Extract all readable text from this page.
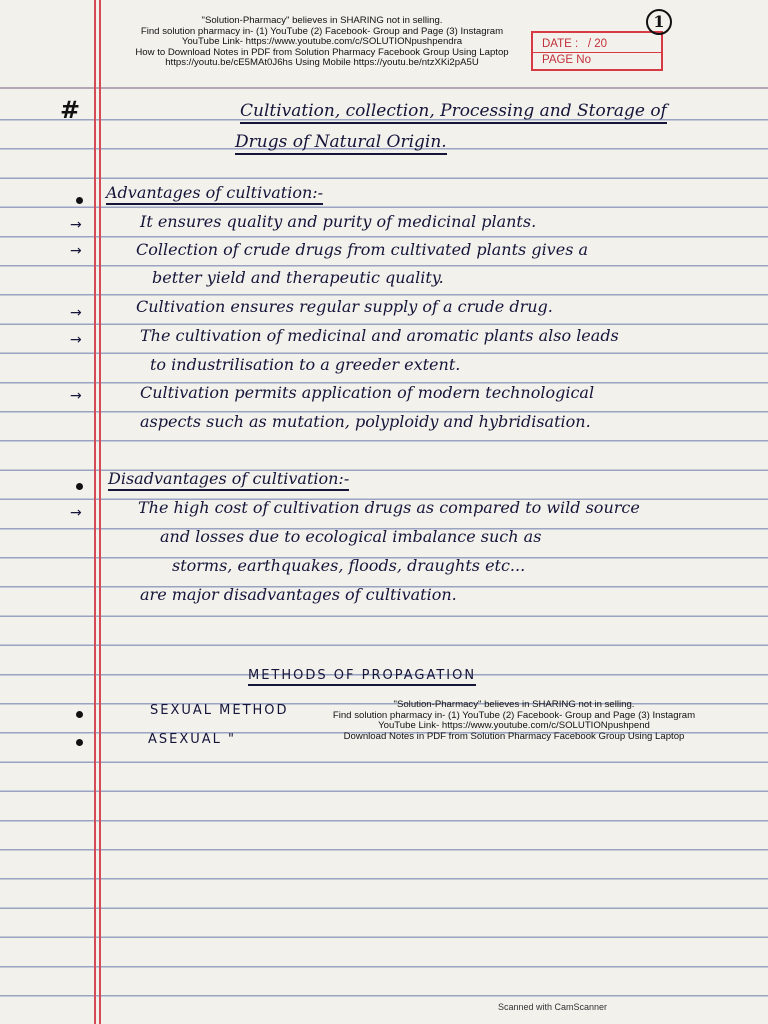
"Solution-Pharmacy" believes in SHARING not in selling.
Find solution pharmacy in- (1) YouTube (2) Facebook- Group and Page (3) Instagram
YouTube Link- https://www.youtube.com/c/SOLUTIONpushpendra
How to Download Notes in PDF from Solution Pharmacy Facebook Group Using Laptop
https://youtu.be/cE5MAt0J6hs Using Mobile https://youtu.be/ntzXKi2pA5U
DATE : / 20
PAGE No
1
#	Cultivation, collection, Processing and Storage of
Drugs of Natural Origin.
Advantages of cultivation:-
→	It ensures quality and purity of medicinal plants.
→	Collection of crude drugs from cultivated plants gives a
better yield and therapeutic quality.
→	Cultivation ensures regular supply of a crude drug.
→	The cultivation of medicinal and aromatic plants also leads
to industrilisation to a greeder extent.
→	Cultivation permits application of modern technological
aspects such as mutation, polyploidy and hybridisation.
Disadvantages of cultivation:-
→	The high cost of cultivation drugs as compared to wild source
and losses due to ecological imbalance such as
storms, earthquakes, floods, draughts etc...
are major disadvantages of cultivation.
METHODS OF PROPAGATION
SEXUAL METHOD
ASEXUAL "
"Solution-Pharmacy" believes in SHARING not in selling.
Find solution pharmacy in- (1) YouTube (2) Facebook- Group and Page (3) Instagram
YouTube Link- https://www.youtube.com/c/SOLUTIONpushpend
Download Notes in PDF from Solution Pharmacy Facebook Group Using Laptop
Scanned with CamScanner
